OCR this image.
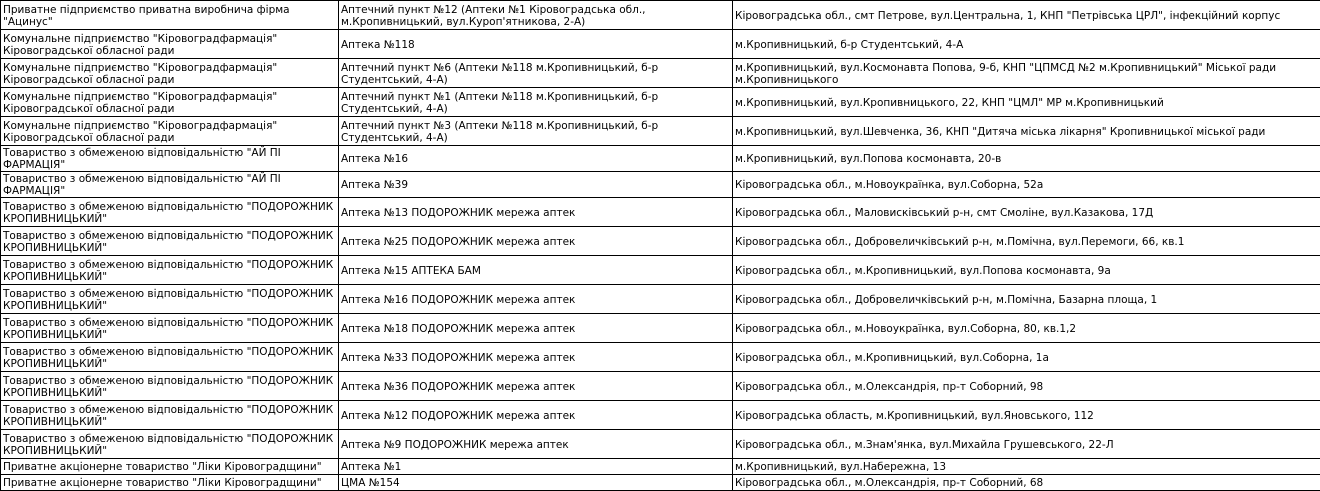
Приватне підприємство приватна виробнича фірма "Ацинус"	Аптечний пункт №12 (Аптеки №1 Кіровоградська обл., м.Кропивницький, вул.Куроп'ятникова, 2-А)	Кіровоградська обл., смт Петрове, вул.Центральна, 1, КНП "Петрівська ЦРЛ", інфекційний корпус
Комунальне підприємство "Кіровоградфармація" Кіровоградської обласної ради	Аптека №118	м.Кропивницький, б-р Студентський, 4-А
Комунальне підприємство "Кіровоградфармація" Кіровоградської обласної ради	Аптечний пункт №6 (Аптеки №118 м.Кропивницький, б-р Студентський, 4-А)	м.Кропивницький, вул.Космонавта Попова, 9-б, КНП "ЦПМСД №2 м.Кропивницький" Міської ради м.Кропивницького
Комунальне підприємство "Кіровоградфармація" Кіровоградської обласної ради	Аптечний пункт №1 (Аптеки №118 м.Кропивницький, б-р Студентський, 4-А)	м.Кропивницький, вул.Кропивницького, 22, КНП "ЦМЛ" МР м.Кропивницький
Комунальне підприємство "Кіровоградфармація" Кіровоградської обласної ради	Аптечний пункт №3 (Аптеки №118 м.Кропивницький, б-р Студентський, 4-А)	м.Кропивницький, вул.Шевченка, 36, КНП "Дитяча міська лікарня" Кропивницької міської ради
Товариство з обмеженою відповідальністю "АЙ ПІ ФАРМАЦІЯ"	Аптека №16	м.Кропивницький, вул.Попова космонавта, 20-в
Товариство з обмеженою відповідальністю "АЙ ПІ ФАРМАЦІЯ"	Аптека №39	Кіровоградська обл., м.Новоукраїнка, вул.Соборна, 52а
Товариство з обмеженою відповідальністю "ПОДОРОЖНИК КРОПИВНИЦЬКИЙ"	Аптека №13 ПОДОРОЖНИК мережа аптек	Кіровоградська обл., Маловисківський р-н, смт Смоліне, вул.Казакова, 17Д
Товариство з обмеженою відповідальністю "ПОДОРОЖНИК КРОПИВНИЦЬКИЙ"	Аптека №25 ПОДОРОЖНИК мережа аптек	Кіровоградська обл., Добровеличківський р-н, м.Помічна, вул.Перемоги, 66, кв.1
Товариство з обмеженою відповідальністю "ПОДОРОЖНИК КРОПИВНИЦЬКИЙ"	Аптека №15 АПТЕКА БАМ	Кіровоградська обл., м.Кропивницький, вул.Попова космонавта, 9а
Товариство з обмеженою відповідальністю "ПОДОРОЖНИК КРОПИВНИЦЬКИЙ"	Аптека №16 ПОДОРОЖНИК мережа аптек	Кіровоградська обл., Добровеличківський р-н, м.Помічна, Базарна площа, 1
Товариство з обмеженою відповідальністю "ПОДОРОЖНИК КРОПИВНИЦЬКИЙ"	Аптека №18 ПОДОРОЖНИК мережа аптек	Кіровоградська обл., м.Новоукраїнка, вул.Соборна, 80, кв.1,2
Товариство з обмеженою відповідальністю "ПОДОРОЖНИК КРОПИВНИЦЬКИЙ"	Аптека №33 ПОДОРОЖНИК мережа аптек	Кіровоградська обл., м.Кропивницький, вул.Соборна, 1а
Товариство з обмеженою відповідальністю "ПОДОРОЖНИК КРОПИВНИЦЬКИЙ"	Аптека №36 ПОДОРОЖНИК мережа аптек	Кіровоградська обл., м.Олександрія, пр-т Соборний, 98
Товариство з обмеженою відповідальністю "ПОДОРОЖНИК КРОПИВНИЦЬКИЙ"	Аптека №12 ПОДОРОЖНИК мережа аптек	Кіровоградська область, м.Кропивницький, вул.Яновського, 112
Товариство з обмеженою відповідальністю "ПОДОРОЖНИК КРОПИВНИЦЬКИЙ"	Аптека №9 ПОДОРОЖНИК мережа аптек	Кіровоградська обл., м.Знам'янка, вул.Михайла Грушевського, 22-Л
Приватне акціонерне товариство "Ліки Кіровоградщини"	Аптека №1	м.Кропивницький, вул.Набережна, 13
Приватне акціонерне товариство "Ліки Кіровоградщини"	ЦМА №154	Кіровоградська обл., м.Олександрія, пр-т Соборний, 68
